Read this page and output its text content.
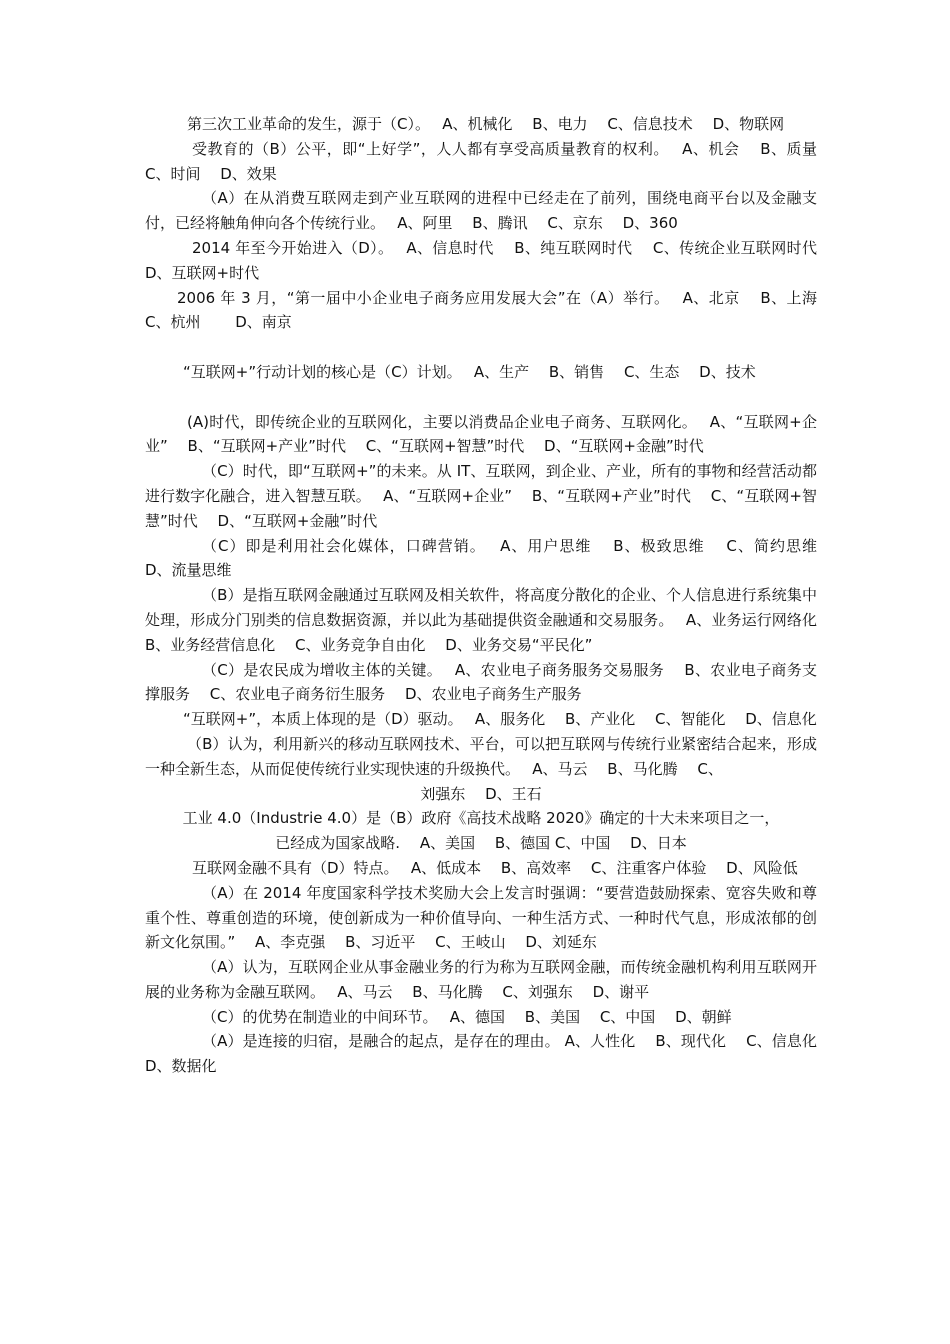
第三次工业革命的发生，源于（C）。　 A、机械化　 B、电力　 C、信息技术　 D、物联网

受教育的（B）公平，即“上好学”，人人都有享受高质量教育的权利。　 A、机会　 B、质量　 C、时间　 D、效果

（A）在从消费互联网走到产业互联网的进程中已经走在了前列，围绕电商平台以及金融支付，已经将触角伸向各个传统行业。　 A、阿里　 B、腾讯　 C、京东　 D、360

2014 年至今开始进入（D）。　 A、信息时代　 B、纯互联网时代　 C、传统企业互联网时代　 D、互联网+时代

2006 年 3 月，“第一届中小企业电子商务应用发展大会”在（A）举行。　 A、北京　 B、上海　　 C、杭州　　 D、南京

“互联网+”行动计划的核心是（C）计划。　 A、生产　 B、销售　 C、生态　 D、技术

(A)时代，即传统企业的互联网化，主要以消费品企业电子商务、互联网化。　 A、“互联网+企业”　 B、“互联网+产业”时代　 C、“互联网+智慧”时代　 D、“互联网+金融”时代

（C）时代，即“互联网+”的未来。从 IT、互联网，到企业、产业，所有的事物和经营活动都进行数字化融合，进入智慧互联。　 A、“互联网+企业”　 B、“互联网+产业”时代　 C、“互联网+智慧”时代　 D、“互联网+金融”时代

（C）即是利用社会化媒体，口碑营销。　 A、用户思维　 B、极致思维　 C、简约思维　 D、流量思维

（B）是指互联网金融通过互联网及相关软件，将高度分散化的企业、个人信息进行系统集中处理，形成分门别类的信息数据资源，并以此为基础提供资金融通和交易服务。　 A、业务运行网络化　 B、业务经营信息化　 C、业务竞争自由化　 D、业务交易“平民化”

（C）是农民成为增收主体的关键。　 A、农业电子商务服务交易服务　 B、农业电子商务支撑服务　 C、农业电子商务衍生服务　 D、农业电子商务生产服务

“互联网+”，本质上体现的是（D）驱动。　 A、服务化　 B、产业化　 C、智能化　 D、信息化

（B）认为，利用新兴的移动互联网技术、平台，可以把互联网与传统行业紧密结合起来，形成一种全新生态，从而促使传统行业实现快速的升级换代。　 A、马云　 B、马化腾　 C、

刘强东　 D、王石

工业 4.0（Industrie 4.0）是（B）政府《高技术战略 2020》确定的十大未来项目之一，

已经成为国家战略.　 A、美国　 B、德国 C、中国　 D、日本

互联网金融不具有（D）特点。　 A、低成本　 B、高效率　 C、注重客户体验　 D、风险低

（A）在 2014 年度国家科学技术奖励大会上发言时强调：“要营造鼓励探索、宽容失败和尊重个性、尊重创造的环境，使创新成为一种价值导向、一种生活方式、一种时代气息，形成浓郁的创新文化氛围。”　 A、李克强　 B、习近平　 C、王岐山　 D、刘延东

（A）认为，互联网企业从事金融业务的行为称为互联网金融，而传统金融机构利用互联网开展的业务称为金融互联网。　 A、马云　 B、马化腾　 C、刘强东　 D、谢平

（C）的优势在制造业的中间环节。　 A、德国　 B、美国　 C、中国　 D、朝鲜

（A）是连接的归宿，是融合的起点，是存在的理由。 A、人性化　 B、现代化　 C、信息化　 D、数据化
